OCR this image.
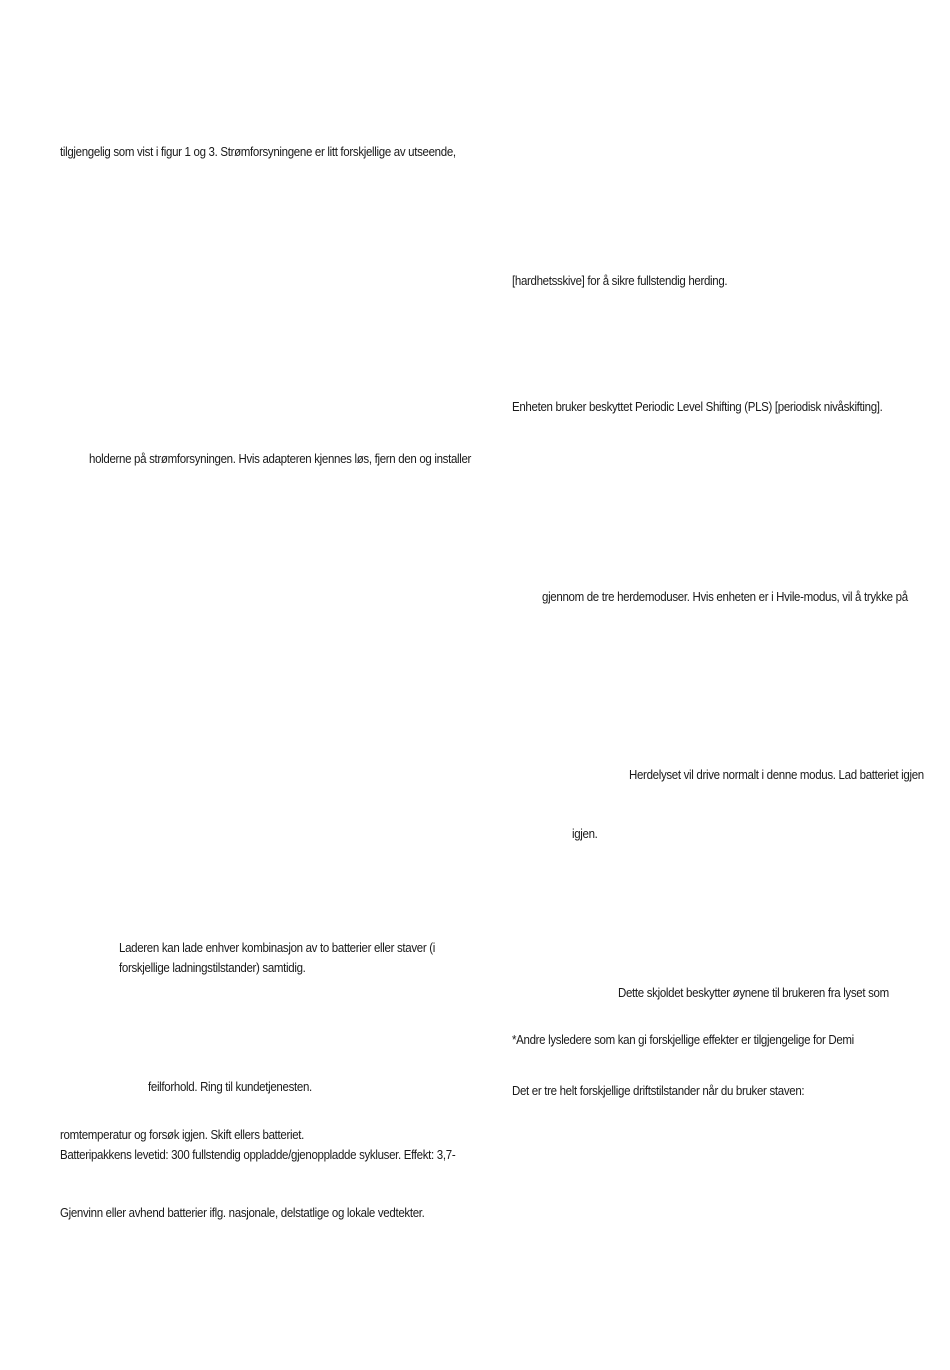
tilgjengelig som vist i figur 1 og 3. Strømforsyningene er litt forskjellige av utseende,
holderne på strømforsyningen. Hvis adapteren kjennes løs, fjern den og installer
Laderen kan lade enhver kombinasjon av to batterier eller staver (i
forskjellige ladningstilstander) samtidig.
feilforhold. Ring til kundetjenesten.
romtemperatur og forsøk igjen. Skift ellers batteriet.
Batteripakkens levetid: 300 fullstendig oppladde/gjenoppladde sykluser. Effekt: 3,7-
Gjenvinn eller avhend batterier iflg. nasjonale, delstatlige og lokale vedtekter.
[hardhetsskive] for å sikre fullstendig herding.
Enheten bruker beskyttet Periodic Level Shifting (PLS) [periodisk nivåskifting].
gjennom de tre herdemoduser. Hvis enheten er i Hvile-modus, vil å trykke på
Herdelyset vil drive normalt i denne modus. Lad batteriet igjen
igjen.
Dette skjoldet beskytter øynene til brukeren fra lyset som
*Andre lysledere som kan gi forskjellige effekter er tilgjengelige for Demi
Det er tre helt forskjellige driftstilstander når du bruker staven:
